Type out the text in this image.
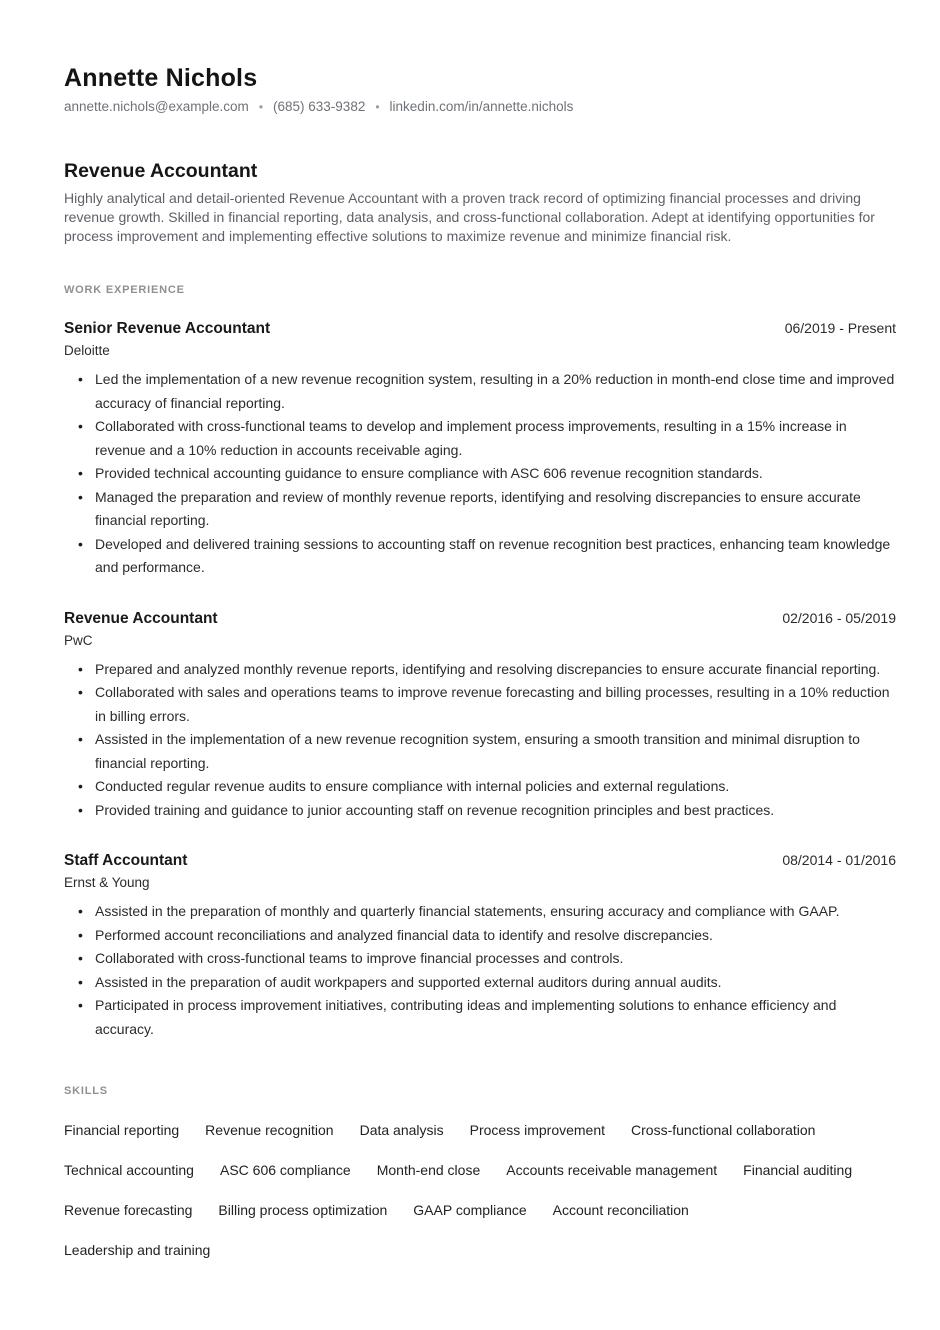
Annette Nichols
annette.nichols@example.com • (685) 633-9382 • linkedin.com/in/annette.nichols
Revenue Accountant

Highly analytical and detail-oriented Revenue Accountant with a proven track record of optimizing financial processes and driving revenue growth. Skilled in financial reporting, data analysis, and cross-functional collaboration. Adept at identifying opportunities for process improvement and implementing effective solutions to maximize revenue and minimize financial risk.

WORK EXPERIENCE
Senior Revenue Accountant	06/2019 - Present
Deloitte
• Led the implementation of a new revenue recognition system, resulting in a 20% reduction in month-end close time and improved accuracy of financial reporting.
• Collaborated with cross-functional teams to develop and implement process improvements, resulting in a 15% increase in revenue and a 10% reduction in accounts receivable aging.
• Provided technical accounting guidance to ensure compliance with ASC 606 revenue recognition standards.
• Managed the preparation and review of monthly revenue reports, identifying and resolving discrepancies to ensure accurate financial reporting.
• Developed and delivered training sessions to accounting staff on revenue recognition best practices, enhancing team knowledge and performance.
Revenue Accountant	02/2016 - 05/2019
PwC
• Prepared and analyzed monthly revenue reports, identifying and resolving discrepancies to ensure accurate financial reporting.
• Collaborated with sales and operations teams to improve revenue forecasting and billing processes, resulting in a 10% reduction in billing errors.
• Assisted in the implementation of a new revenue recognition system, ensuring a smooth transition and minimal disruption to financial reporting.
• Conducted regular revenue audits to ensure compliance with internal policies and external regulations.
• Provided training and guidance to junior accounting staff on revenue recognition principles and best practices.
Staff Accountant	08/2014 - 01/2016
Ernst & Young
• Assisted in the preparation of monthly and quarterly financial statements, ensuring accuracy and compliance with GAAP.
• Performed account reconciliations and analyzed financial data to identify and resolve discrepancies.
• Collaborated with cross-functional teams to improve financial processes and controls.
• Assisted in the preparation of audit workpapers and supported external auditors during annual audits.
• Participated in process improvement initiatives, contributing ideas and implementing solutions to enhance efficiency and accuracy.
SKILLS
Financial reporting Revenue recognition Data analysis Process improvement Cross-functional collaboration
Technical accounting ASC 606 compliance Month-end close Accounts receivable management Financial auditing
Revenue forecasting Billing process optimization GAAP compliance Account reconciliation
Leadership and training
